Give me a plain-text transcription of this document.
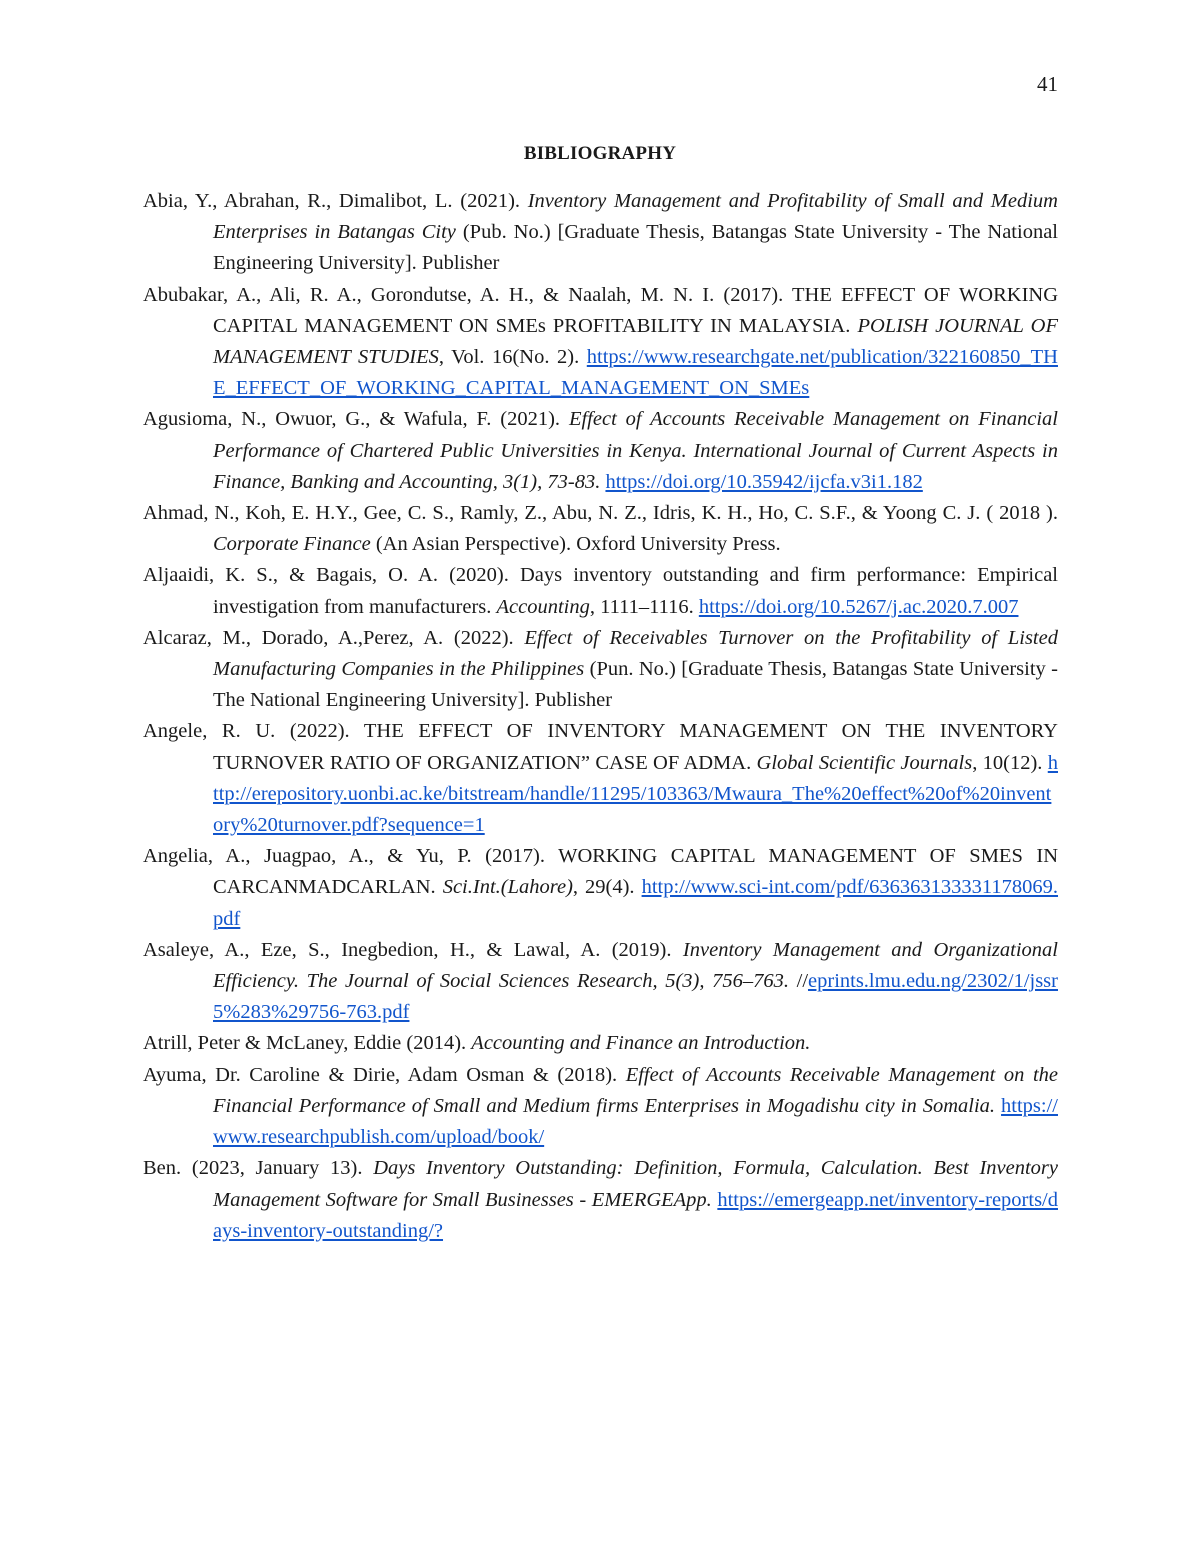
41
BIBLIOGRAPHY

Abia, Y., Abrahan, R., Dimalibot, L. (2021). Inventory Management and Profitability of Small and Medium Enterprises in Batangas City (Pub. No.) [Graduate Thesis, Batangas State University - The National Engineering University]. Publisher

Abubakar, A., Ali, R. A., Gorondutse, A. H., & Naalah, M. N. I. (2017). THE EFFECT OF WORKING CAPITAL MANAGEMENT ON SMEs PROFITABILITY IN MALAYSIA. POLISH JOURNAL OF MANAGEMENT STUDIES, Vol. 16(No. 2). https://www.researchgate.net/publication/322160850_THE_EFFECT_OF_WORKING_CAPITAL_MANAGEMENT_ON_SMEs

Agusioma, N., Owuor, G., & Wafula, F. (2021). Effect of Accounts Receivable Management on Financial Performance of Chartered Public Universities in Kenya. International Journal of Current Aspects in Finance, Banking and Accounting, 3(1), 73-83. https://doi.org/10.35942/ijcfa.v3i1.182

Ahmad, N., Koh, E. H.Y., Gee, C. S., Ramly, Z., Abu, N. Z., Idris, K. H., Ho, C. S.F., & Yoong C. J. ( 2018 ). Corporate Finance (An Asian Perspective). Oxford University Press.

Aljaaidi, K. S., & Bagais, O. A. (2020). Days inventory outstanding and firm performance: Empirical investigation from manufacturers. Accounting, 1111–1116. https://doi.org/10.5267/j.ac.2020.7.007

Alcaraz, M., Dorado, A.,Perez, A. (2022). Effect of Receivables Turnover on the Profitability of Listed Manufacturing Companies in the Philippines (Pun. No.) [Graduate Thesis, Batangas State University - The National Engineering University]. Publisher

Angele, R. U. (2022). THE EFFECT OF INVENTORY MANAGEMENT ON THE INVENTORY TURNOVER RATIO OF ORGANIZATION” CASE OF ADMA. Global Scientific Journals, 10(12). http://erepository.uonbi.ac.ke/bitstream/handle/11295/103363/Mwaura_The%20effect%20of%20inventory%20turnover.pdf?sequence=1

Angelia, A., Juagpao, A., & Yu, P. (2017). WORKING CAPITAL MANAGEMENT OF SMES IN CARCANMADCARLAN. Sci.Int.(Lahore), 29(4). http://www.sci-int.com/pdf/636363133331178069.pdf

Asaleye, A., Eze, S., Inegbedion, H., & Lawal, A. (2019). Inventory Management and Organizational Efficiency. The Journal of Social Sciences Research, 5(3), 756–763. //eprints.lmu.edu.ng/2302/1/jssr5%283%29756-763.pdf

Atrill, Peter & McLaney, Eddie (2014). Accounting and Finance an Introduction.

Ayuma, Dr. Caroline & Dirie, Adam Osman & (2018). Effect of Accounts Receivable Management on the Financial Performance of Small and Medium firms Enterprises in Mogadishu city in Somalia. https://www.researchpublish.com/upload/book/

Ben. (2023, January 13). Days Inventory Outstanding: Definition, Formula, Calculation. Best Inventory Management Software for Small Businesses - EMERGEApp. https://emergeapp.net/inventory-reports/days-inventory-outstanding/?
